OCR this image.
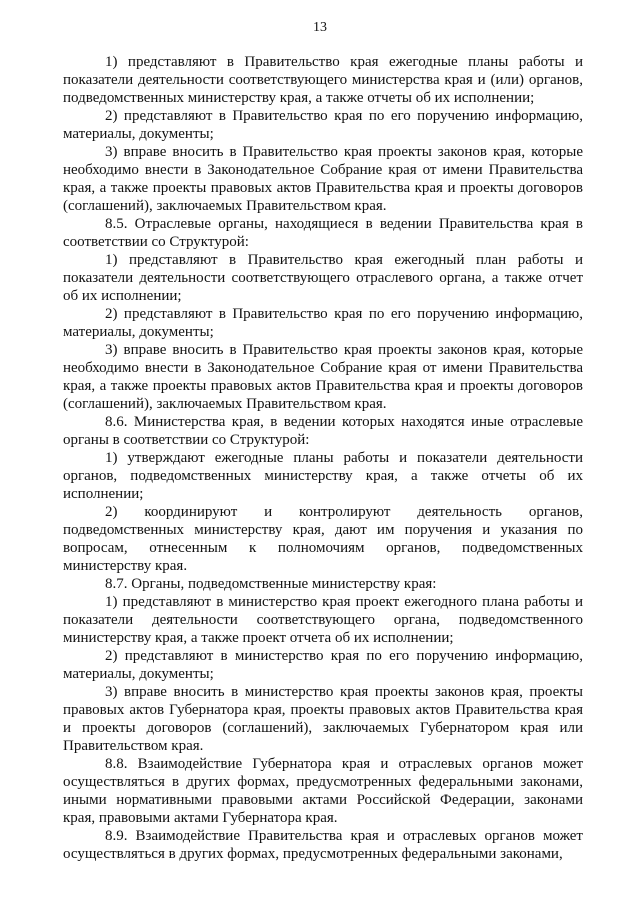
13

1) представляют в Правительство края ежегодные планы работы и показатели деятельности соответствующего министерства края и (или) органов, подведомственных министерству края, а также отчеты об их исполнении;

2) представляют в Правительство края по его поручению информацию, материалы, документы;

3) вправе вносить в Правительство края проекты законов края, которые необходимо внести в Законодательное Собрание края от имени Правительства края, а также проекты правовых актов Правительства края и проекты договоров (соглашений), заключаемых Правительством края.

8.5. Отраслевые органы, находящиеся в ведении Правительства края в соответствии со Структурой:

1) представляют в Правительство края ежегодный план работы и показатели деятельности соответствующего отраслевого органа, а также отчет об их исполнении;

2) представляют в Правительство края по его поручению информацию, материалы, документы;

3) вправе вносить в Правительство края проекты законов края, которые необходимо внести в Законодательное Собрание края от имени Правительства края, а также проекты правовых актов Правительства края и проекты договоров (соглашений), заключаемых Правительством края.

8.6. Министерства края, в ведении которых находятся иные отраслевые органы в соответствии со Структурой:

1) утверждают ежегодные планы работы и показатели деятельности органов, подведомственных министерству края, а также отчеты об их исполнении;

2) координируют и контролируют деятельность органов, подведомственных министерству края, дают им поручения и указания по вопросам, отнесенным к полномочиям органов, подведомственных министерству края.

8.7. Органы, подведомственные министерству края:

1) представляют в министерство края проект ежегодного плана работы и показатели деятельности соответствующего органа, подведомственного министерству края, а также проект отчета об их исполнении;

2) представляют в министерство края по его поручению информацию, материалы, документы;

3) вправе вносить в министерство края проекты законов края, проекты правовых актов Губернатора края, проекты правовых актов Правительства края и проекты договоров (соглашений), заключаемых Губернатором края или Правительством края.

8.8. Взаимодействие Губернатора края и отраслевых органов может осуществляться в других формах, предусмотренных федеральными законами, иными нормативными правовыми актами Российской Федерации, законами края, правовыми актами Губернатора края.

8.9. Взаимодействие Правительства края и отраслевых органов может осуществляться в других формах, предусмотренных федеральными законами,
